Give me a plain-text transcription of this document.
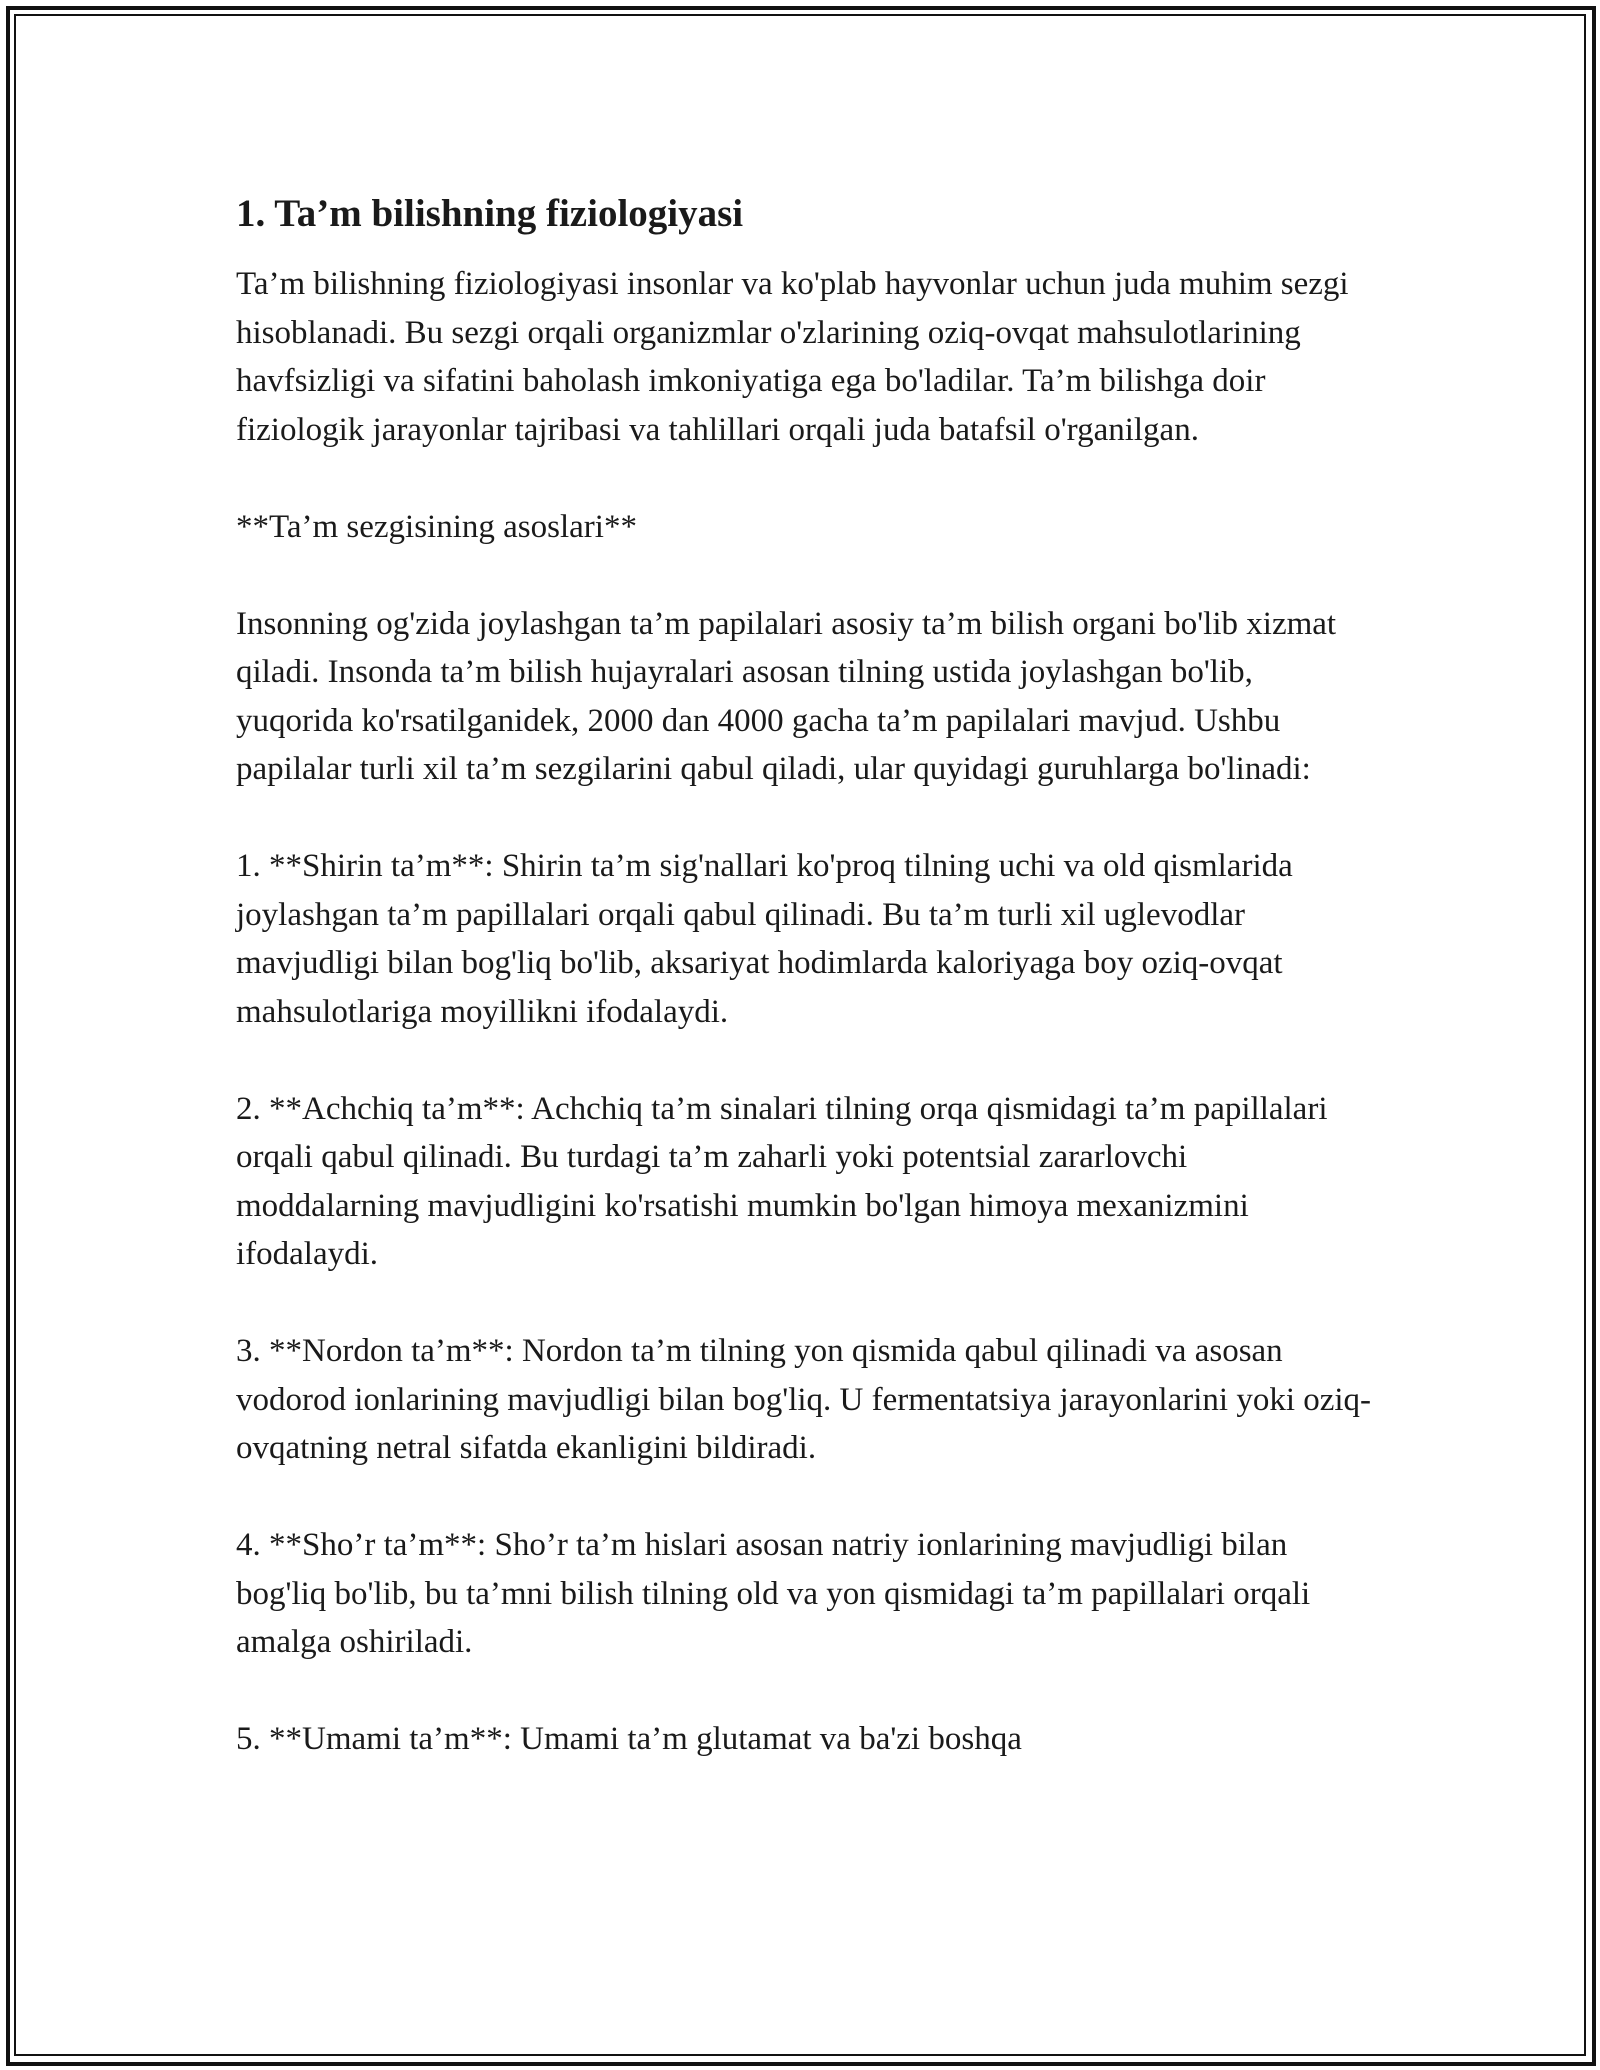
1. Ta’m bilishning fiziologiyasi

Ta’m bilishning fiziologiyasi insonlar va ko'plab hayvonlar uchun juda muhim sezgi hisoblanadi. Bu sezgi orqali organizmlar o'zlarining oziq-ovqat mahsulotlarining havfsizligi va sifatini baholash imkoniyatiga ega bo'ladilar. Ta’m bilishga doir fiziologik jarayonlar tajribasi va tahlillari orqali juda batafsil o'rganilgan.

**Ta’m sezgisining asoslari**

Insonning og'zida joylashgan ta’m papilalari asosiy ta’m bilish organi bo'lib xizmat qiladi. Insonda ta’m bilish hujayralari asosan tilning ustida joylashgan bo'lib, yuqorida ko'rsatilganidek, 2000 dan 4000 gacha ta’m papilalari mavjud. Ushbu papilalar turli xil ta’m sezgilarini qabul qiladi, ular quyidagi guruhlarga bo'linadi:

1. **Shirin ta’m**: Shirin ta’m sig'nallari ko'proq tilning uchi va old qismlarida joylashgan ta’m papillalari orqali qabul qilinadi. Bu ta’m turli xil uglevodlar mavjudligi bilan bog'liq bo'lib, aksariyat hodimlarda kaloriyaga boy oziq-ovqat mahsulotlariga moyillikni ifodalaydi.

2. **Achchiq ta’m**: Achchiq ta’m sinalari tilning orqa qismidagi ta’m papillalari orqali qabul qilinadi. Bu turdagi ta’m zaharli yoki potentsial zararlovchi moddalarning mavjudligini ko'rsatishi mumkin bo'lgan himoya mexanizmini ifodalaydi.

3. **Nordon ta’m**: Nordon ta’m tilning yon qismida qabul qilinadi va asosan vodorod ionlarining mavjudligi bilan bog'liq. U fermentatsiya jarayonlarini yoki oziq-ovqatning netral sifatda ekanligini bildiradi.

4. **Sho’r ta’m**: Sho’r ta’m hislari asosan natriy ionlarining mavjudligi bilan bog'liq bo'lib, bu ta’mni bilish tilning old va yon qismidagi ta’m papillalari orqali amalga oshiriladi.

5. **Umami ta’m**: Umami ta’m glutamat va ba'zi boshqa
